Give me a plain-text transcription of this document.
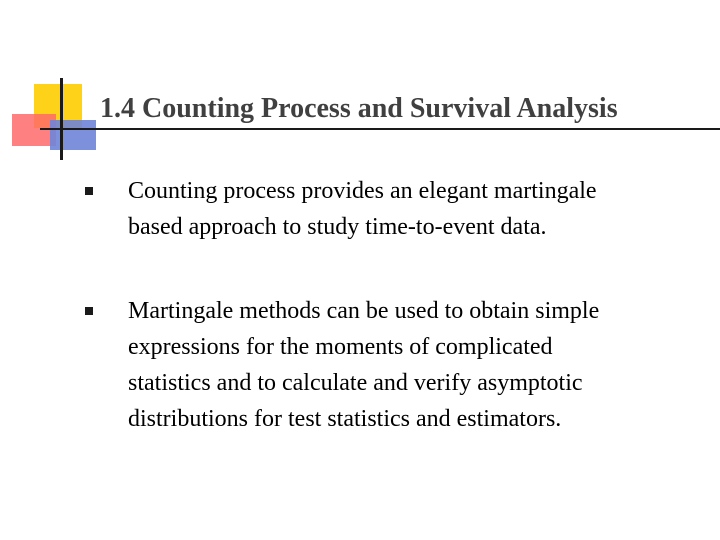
1.4 Counting Process and Survival Analysis
Counting process provides an elegant martingale
based approach to study time-to-event data.
Martingale methods can be used to obtain simple
expressions for the moments of complicated
statistics and to calculate and verify asymptotic
distributions for test statistics and estimators.
